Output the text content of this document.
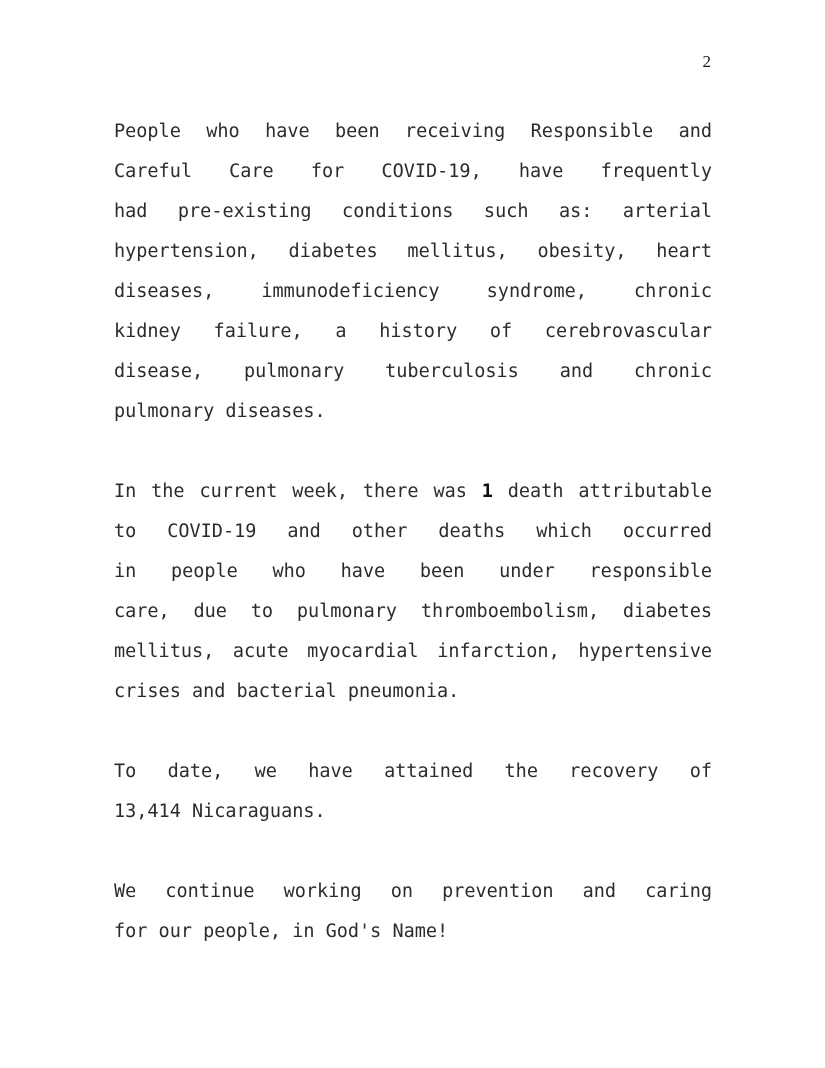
2

People who have been receiving Responsible and
Careful Care for COVID-19, have frequently
had pre-existing conditions such as: arterial
hypertension, diabetes mellitus, obesity, heart
diseases, immunodeficiency syndrome, chronic
kidney failure, a history of cerebrovascular
disease, pulmonary tuberculosis and chronic
pulmonary diseases.

In the current week, there was 1 death attributable
to COVID-19 and other deaths which occurred
in people who have been under responsible
care, due to pulmonary thromboembolism, diabetes
mellitus, acute myocardial infarction, hypertensive
crises and bacterial pneumonia.

To date, we have attained the recovery of
13,414 Nicaraguans.

We continue working on prevention and caring
for our people, in God's Name!
